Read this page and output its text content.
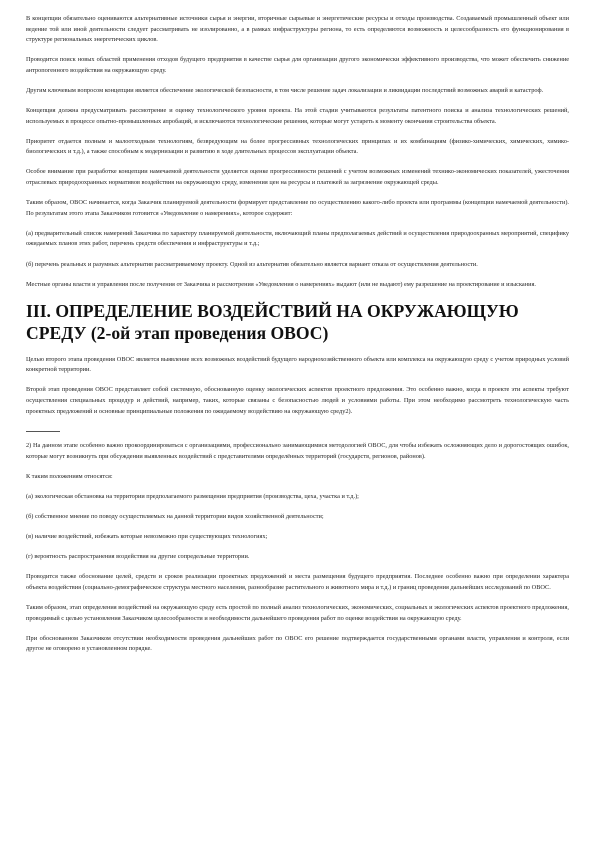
В концепции обязательно оцениваются альтернативные источники сырья и энергии, вторичные сырьевые и энергетические ресурсы и отходы производства. Создаваемый промышленный объект или ведение той или иной деятельности следует рассматривать не изолированно, а в рамках инфраструктуры региона, то есть определяются возможность и целесообразность его функционирования в структуре региональных энергетических циклов.

Проводится поиск новых областей применения отходов будущего предприятия в качестве сырья для организации другого экономически эффективного производства, что может обеспечить снижение антропогенного воздействия на окружающую среду.

Другим ключевым вопросом концепции является обеспечение экологической безопасности, в том числе решение задач локализации и ликвидации последствий возможных аварий и катастроф.

Концепция должна предусматривать рассмотрение и оценку технологического уровня проекта. На этой стадии учитываются результаты патентного поиска и анализа технологических решений, используемых в процессе опытно-промышленных апробаций, и исключаются технологические решения, которые могут устареть к моменту окончания строительства объекта.

Приоритет отдается полным и малоотходным технологиям, безвредующим на более прогрессивных технологических принципах и их комбинациям (физико-химических, химических, химико-биологических и т.д.), а также способным к модернизации и развитию в ходе длительных процессов эксплуатации объекта.

Особое внимание при разработке концепции намечаемой деятельности уделяется оценке прогрессивности решений с учетом возможных изменений технико-экономических показателей, ужесточения отраслевых природоохранных нормативов воздействия на окружающую среду, изменения цен на ресурсы и платежей за загрязнение окружающей среды.

Таким образом, ОВОС начинается, когда Заказчик планируемой деятельности формирует представление по осуществлению какого-либо проекта или программы (концепции намечаемой деятельности). По результатам этого этапа Заказчиком готовится «Уведомление о намерениях», которое содержит:

(а) предварительный список намерений Заказчика по характеру планируемой деятельности, включающий планы предполагаемых действий и осуществления природоохранных мероприятий, специфику ожидаемых планов этих работ, перечень средств обеспечения и инфраструктуры и т.д.;

(б) перечень реальных и разумных альтернатив рассматриваемому проекту. Одной из альтернатив обязательно является вариант отказа от осуществления деятельности.

Местные органы власти и управления после получения от Заказчика и рассмотрения «Уведомления о намерениях» выдают (или не выдают) ему разрешение на проектирование и изыскания.

III. ОПРЕДЕЛЕНИЕ ВОЗДЕЙСТВИЙ НА ОКРУЖАЮЩУЮ СРЕДУ (2-ой этап проведения ОВОС)

Целью второго этапа проведения ОВОС является выявление всех возможных воздействий будущего народнохозяйственного объекта или комплекса на окружающую среду с учетом природных условий конкретной территории.

Второй этап проведения ОВОС представляет собой системную, обоснованную оценку экологических аспектов проектного предложения. Это особенно важно, когда в проекте эти аспекты требуют осуществления специальных процедур и действий, например, таких, которые связаны с безопасностью людей и условиями работы. При этом необходимо рассмотреть технологическую часть проектных предложений и основные принципиальные положения по ожидаемому воздействию на окружающую среду2).

2) На данном этапе особенно важно прокоординироваться с организациями, профессионально занимающимися методологией ОВОС, для чтобы избежать осложняющих дело и дорогостоящих ошибок, которые могут возникнуть при обсуждении выявленных воздействий с представителями определённых территорий (государств, регионов, районов).

К таким положениям относятся:

(а) экологическая обстановка на территории предполагаемого размещения предприятия (производства, цеха, участка и т.д.);

(б) собственное мнение по поводу осуществляемых на данной территории видов хозяйственной деятельности;

(в) наличие воздействий, избежать которые невозможно при существующих технологиях;

(г) вероятность распространения воздействия на другие сопредельные территории.

Проводится также обоснование целей, средств и сроков реализации проектных предложений и места размещения будущего предприятия. Последнее особенно важно при определении характера объекта воздействия (социально-демографическое структура местного населения, разнообразие растительного и животного мира и т.д.) и границ проведения дальнейших исследований по ОВОС.

Таким образом, этап определения воздействий на окружающую среду есть простой по полный анализ технологических, экономических, социальных и экологических аспектов проектного предложения, проводимый с целью установления Заказчиком целесообразности и необходимости дальнейшего проведения работ по оценке воздействия на окружающую среду.

При обоснованном Заказчиком отсутствии необходимости проведения дальнейших работ по ОВОС его решение подтверждается государственными органами власти, управления и контроля, если другое не оговорено в установленном порядке.
